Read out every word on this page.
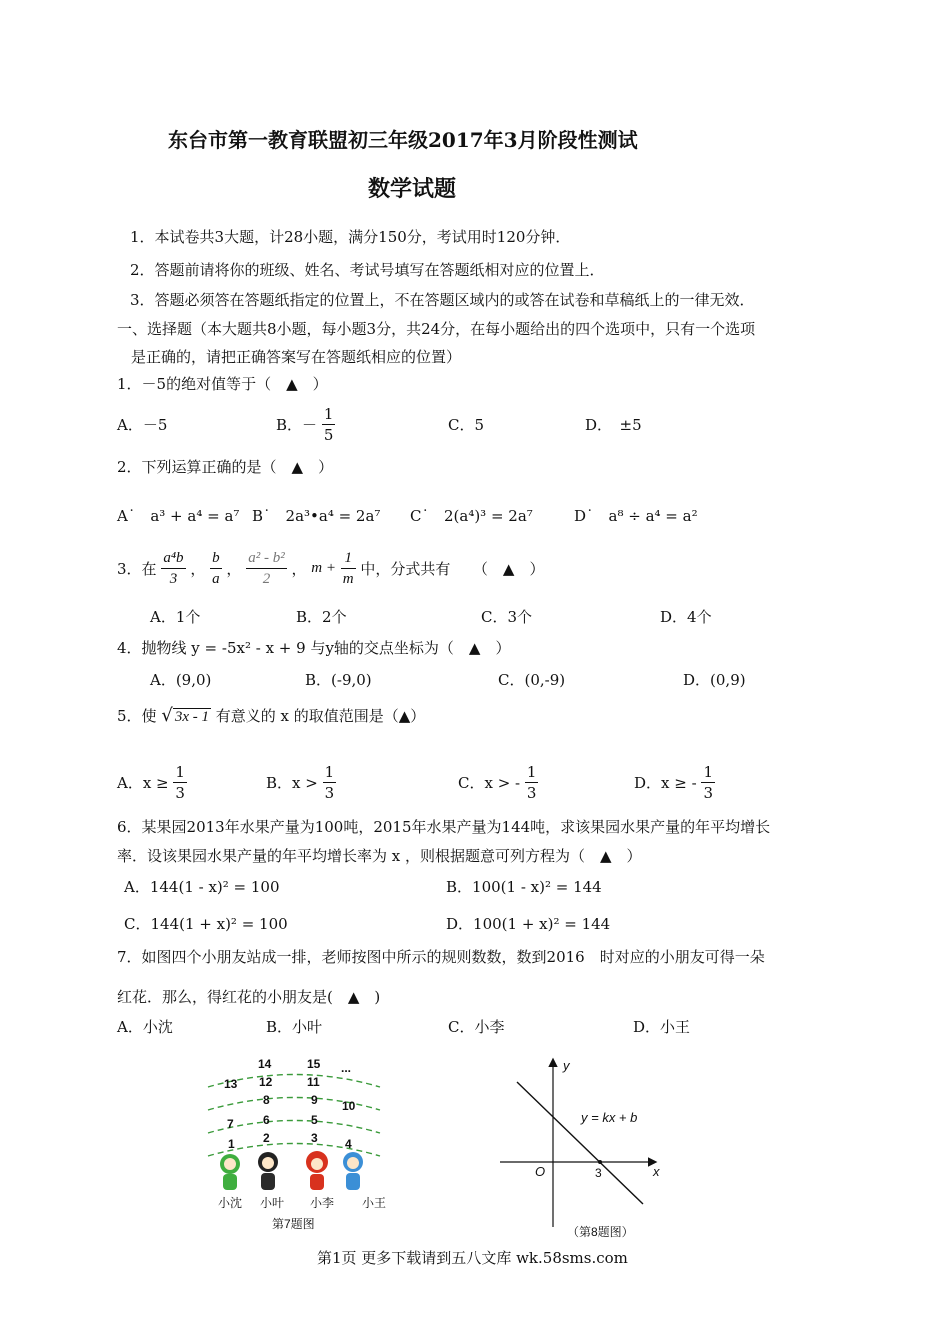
东台市第一教育联盟初三年级2017年3月阶段性测试
数学试题
1．本试卷共3大题，计28小题，满分150分，考试用时120分钟．
2．答题前请将你的班级、姓名、考试号填写在答题纸相对应的位置上．
3．答题必须答在答题纸指定的位置上，不在答题区域内的或答在试卷和草稿纸上的一律无效．
一、选择题（本大题共8小题，每小题3分，共24分，在每小题给出的四个选项中，只有一个选项
是正确的，请把正确答案写在答题纸相应的位置）
1．－5的绝对值等于（　▲　）
A．－5	B．－ $\frac{1}{5}$	C．5	D．　±5
2．下列运算正确的是（　▲　）
A˙　a³ + a⁴ = a⁷ B˙　2a³•a⁴ = 2a⁷ C˙　2(a⁴)³ = 2a⁷	D˙　a⁸ ÷ a⁴ = a²
3．在 $\frac{\text{a⁴b}}{3}$ ， $\frac{b}{a}$ ， $\frac{\text{a² - b²}}{2}$ ， $m + \frac{1}{m}$ 中，分式共有　　（　▲　）
A．1个	B．2个	C．3个	D．4个
4．抛物线 y = -5x² - x + 9 与y轴的交点坐标为（　▲　）
A．(9,0)	B．(-9,0)	C．(0,-9)	D．(0,9)
5．使 √ 3x - 1 有意义的 x 的取值范围是（▲）
A．$x \ge \frac{1}{3}$	B．$x > \frac{1}{3}$	C．x > - $\frac{1}{3}$	D．x ≥ - $\frac{1}{3}$
6．某果园2013年水果产量为100吨，2015年水果产量为144吨，求该果园水果产量的年平均增长
率．设该果园水果产量的年平均增长率为 x ，则根据题意可列方程为（　▲　）
A．144(1 - x)² = 100	B．100(1 - x)² = 144
C．144(1 + x)² = 100	D．100(1 + x)² = 144
7．如图四个小朋友站成一排，老师按图中所示的规则数数，数到2016　时对应的小朋友可得一朵
红花．那么，得红花的小朋友是(　▲　)
A．小沈	B．小叶	C．小李	D．小王
14	15 ...
13 12	11
8	9 10
7 6	5
2	3
1	4
小沈 小叶 小李 小王
第7题图
y
x
O
y = kx + b
3
（第8题图）
第1页 更多下载请到五八文库 wk.58sms.com
